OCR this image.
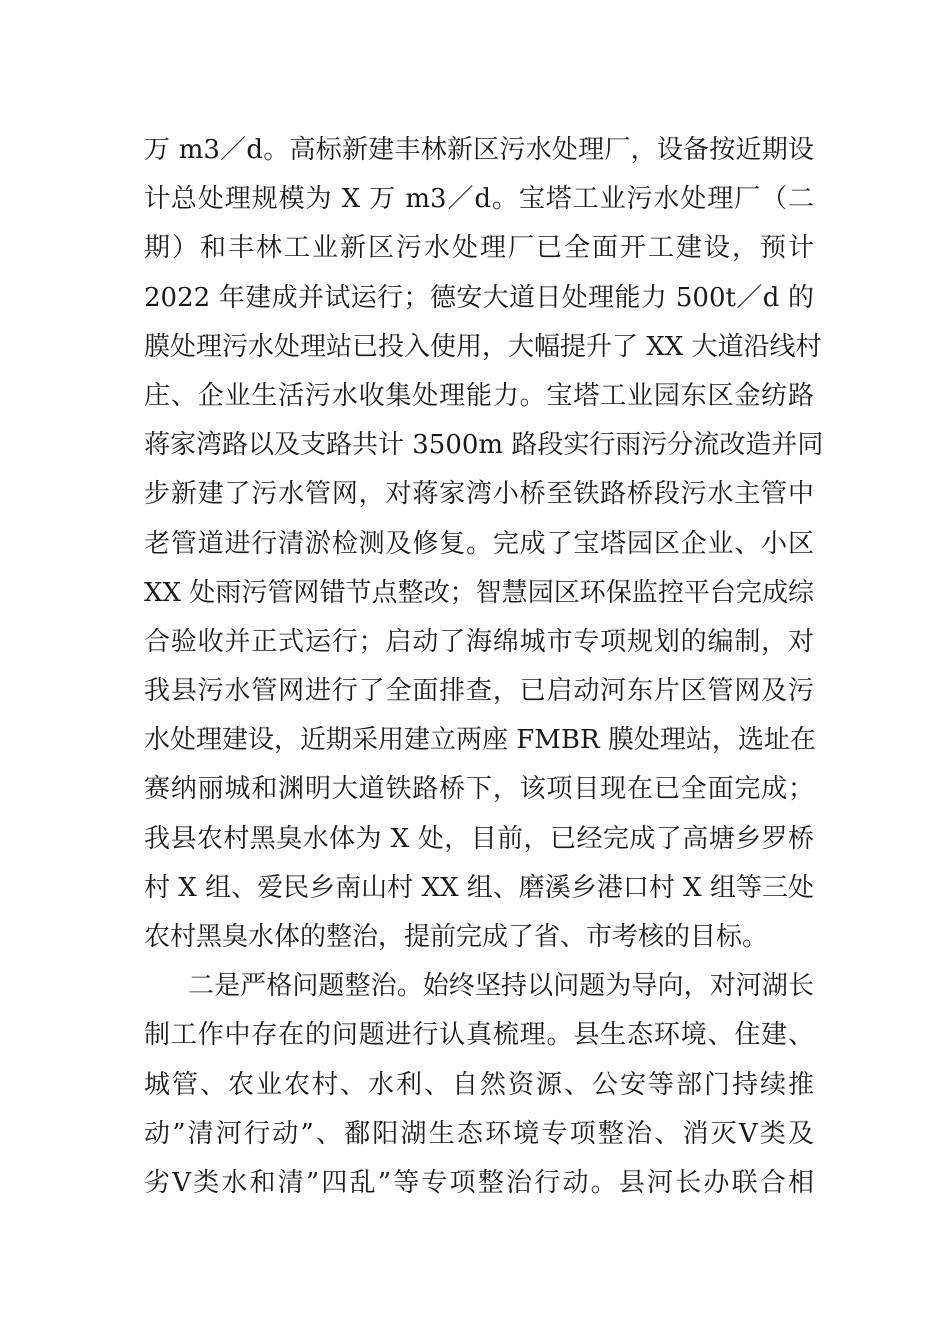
万 m3／d。高标新建丰林新区污水处理厂，设备按近期设
计总处理规模为 X 万 m3／d。宝塔工业污水处理厂（二
期）和丰林工业新区污水处理厂已全面开工建设，预计
2022 年建成并试运行；德安大道日处理能力 500t／d 的
膜处理污水处理站已投入使用，大幅提升了 XX 大道沿线村
庄、企业生活污水收集处理能力。宝塔工业园东区金纺路
蒋家湾路以及支路共计 3500m 路段实行雨污分流改造并同
步新建了污水管网，对蒋家湾小桥至铁路桥段污水主管中
老管道进行清淤检测及修复。完成了宝塔园区企业、小区
XX 处雨污管网错节点整改；智慧园区环保监控平台完成综
合验收并正式运行；启动了海绵城市专项规划的编制，对
我县污水管网进行了全面排查，已启动河东片区管网及污
水处理建设，近期采用建立两座 FMBR 膜处理站，选址在
赛纳丽城和渊明大道铁路桥下，该项目现在已全面完成；
我县农村黑臭水体为 X 处，目前，已经完成了高塘乡罗桥
村 X 组、爱民乡南山村 XX 组、磨溪乡港口村 X 组等三处
农村黑臭水体的整治，提前完成了省、市考核的目标。
二是严格问题整治。始终坚持以问题为导向，对河湖长
制工作中存在的问题进行认真梳理。县生态环境、住建、
城管、农业农村、水利、自然资源、公安等部门持续推
动”清河行动”、鄱阳湖生态环境专项整治、消灭Ⅴ类及
劣Ⅴ类水和清”四乱”等专项整治行动。县河长办联合相
